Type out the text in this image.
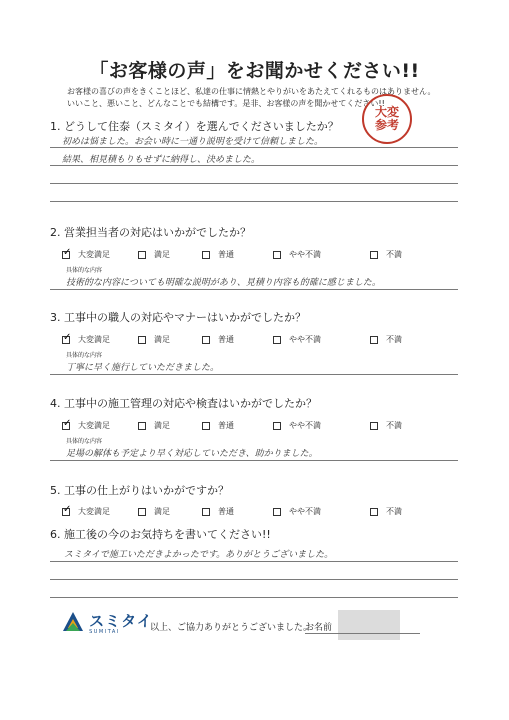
「お客様の声」をお聞かせください!!
お客様の喜びの声をきくことほど、私達の仕事に情熱とやりがいをあたえてくれるものはありません。
いいこと、悪いこと、どんなことでも結構です。是非、お客様の声を聞かせてください!!
大変
参考
1. どうして住泰（スミタイ）を選んでくださいましたか？
初めは悩ました。お会い時に一通り説明を受けて信頼しました。
結果、相見積もりもせずに納得し、決めました。
2. 営業担当者の対応はいかがでしたか？
✓大変満足	満足	普通	やや不満	不満
具体的な内容
技術的な内容についても明確な説明があり、見積り内容も的確に感じました。
3. 工事中の職人の対応やマナーはいかがでしたか？
✓大変満足	満足	普通	やや不満	不満
具体的な内容
丁寧に早く施行していただきました。
4. 工事中の施工管理の対応や検査はいかがでしたか？
✓大変満足	満足	普通	やや不満	不満
具体的な内容
足場の解体も予定より早く対応していただき、助かりました。
5. 工事の仕上がりはいかがですか？
✓大変満足	満足	普通	やや不満	不満
6. 施工後の今のお気持ちを書いてください!!
スミタイで施工いただきよかったです。ありがとうございました。

スミタイ
SUMITAI	以上、ご協力ありがとうございました。
お名前
